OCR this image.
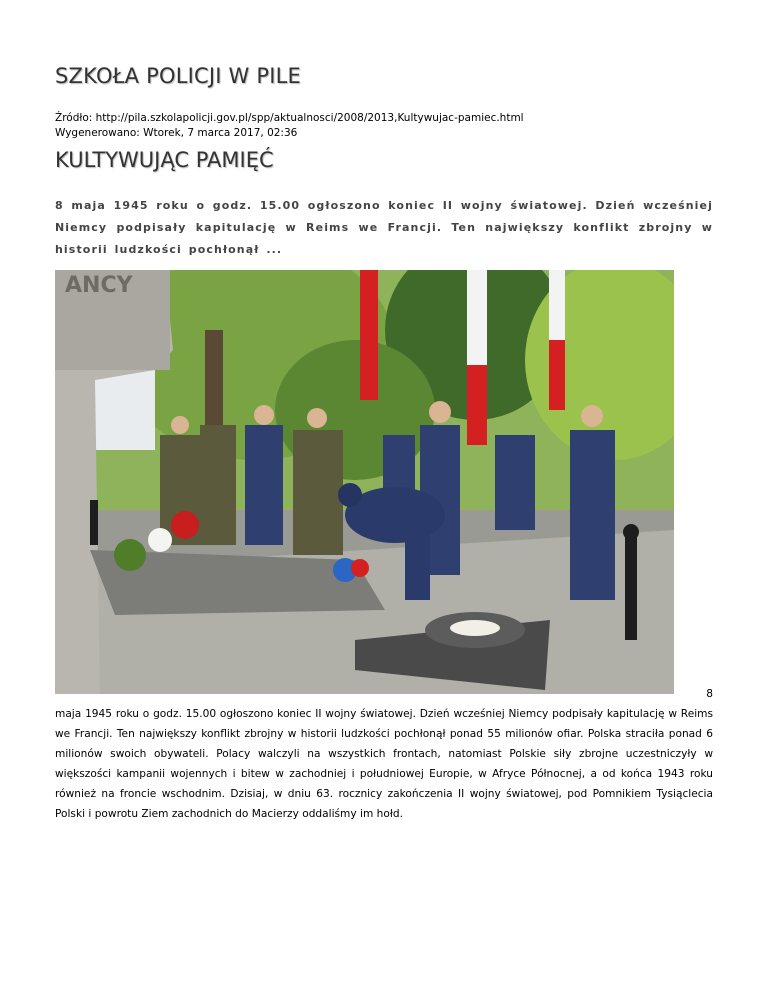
SZKOŁA POLICJI W PILE
Źródło: http://pila.szkolapolicji.gov.pl/spp/aktualnosci/2008/2013,Kultywujac-pamiec.html
Wygenerowano: Wtorek, 7 marca 2017, 02:36
KULTYWUJĄC PAMIĘĆ
8 maja 1945 roku o godz. 15.00 ogłoszono koniec II wojny światowej. Dzień wcześniej Niemcy podpisały kapitulację w Reims we Francji. Ten największy konflikt zbrojny w historii ludzkości pochłonął ...
ANCY
8
maja 1945 roku o godz. 15.00 ogłoszono koniec II wojny światowej. Dzień wcześniej Niemcy podpisały kapitulację w Reims we Francji. Ten największy konflikt zbrojny w historii ludzkości pochłonął ponad 55 milionów ofiar. Polska straciła ponad 6 milionów swoich obywateli. Polacy walczyli na wszystkich frontach, natomiast Polskie siły zbrojne uczestniczyły w większości kampanii wojennych i bitew w zachodniej i południowej Europie, w Afryce Północnej, a od końca 1943 roku również na froncie wschodnim. Dzisiaj, w dniu 63. rocznicy zakończenia II wojny światowej, pod Pomnikiem Tysiąclecia Polski i powrotu Ziem zachodnich do Macierzy oddaliśmy im hołd.
